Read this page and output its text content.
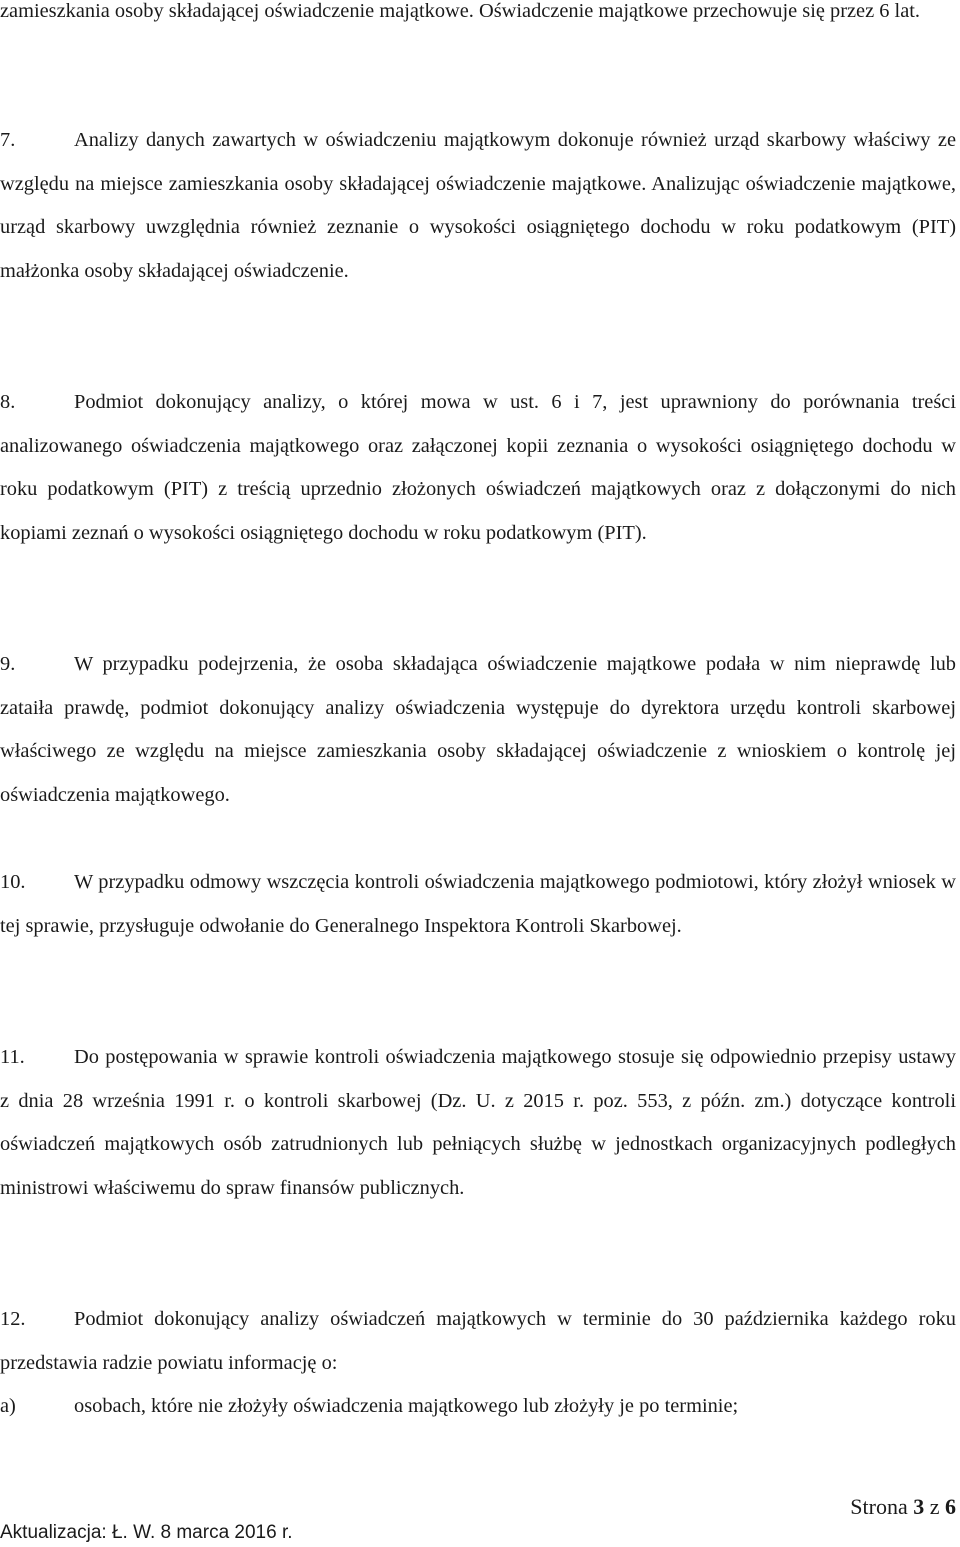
zamieszkania osoby składającej oświadczenie majątkowe. Oświadczenie majątkowe przechowuje się przez 6 lat.

7.	Analizy danych zawartych w oświadczeniu majątkowym dokonuje również urząd skarbowy właściwy ze względu na miejsce zamieszkania osoby składającej oświadczenie majątkowe. Analizując oświadczenie majątkowe, urząd skarbowy uwzględnia również zeznanie o wysokości osiągniętego dochodu w roku podatkowym (PIT) małżonka osoby składającej oświadczenie.

8.	Podmiot dokonujący analizy, o której mowa w ust. 6 i 7, jest uprawniony do porównania treści analizowanego oświadczenia majątkowego oraz załączonej kopii zeznania o wysokości osiągniętego dochodu w roku podatkowym (PIT) z treścią uprzednio złożonych oświadczeń majątkowych oraz z dołączonymi do nich kopiami zeznań o wysokości osiągniętego dochodu w roku podatkowym (PIT).

9.	W przypadku podejrzenia, że osoba składająca oświadczenie majątkowe podała w nim nieprawdę lub zataiła prawdę, podmiot dokonujący analizy oświadczenia występuje do dyrektora urzędu kontroli skarbowej właściwego ze względu na miejsce zamieszkania osoby składającej oświadczenie z wnioskiem o kontrolę jej oświadczenia majątkowego.

10. W przypadku odmowy wszczęcia kontroli oświadczenia majątkowego podmiotowi, który złożył wniosek w tej sprawie, przysługuje odwołanie do Generalnego Inspektora Kontroli Skarbowej.

11. Do postępowania w sprawie kontroli oświadczenia majątkowego stosuje się odpowiednio przepisy ustawy z dnia 28 września 1991 r. o kontroli skarbowej (Dz. U. z 2015 r. poz. 553, z późn. zm.) dotyczące kontroli oświadczeń majątkowych osób zatrudnionych lub pełniących służbę w jednostkach organizacyjnych podległych ministrowi właściwemu do spraw finansów publicznych.

12. Podmiot dokonujący analizy oświadczeń majątkowych w terminie do 30 października każdego roku przedstawia radzie powiatu informację o:

a)	osobach, które nie złożyły oświadczenia majątkowego lub złożyły je po terminie;
Strona 3 z 6
Aktualizacja: Ł. W. 8 marca 2016 r.
